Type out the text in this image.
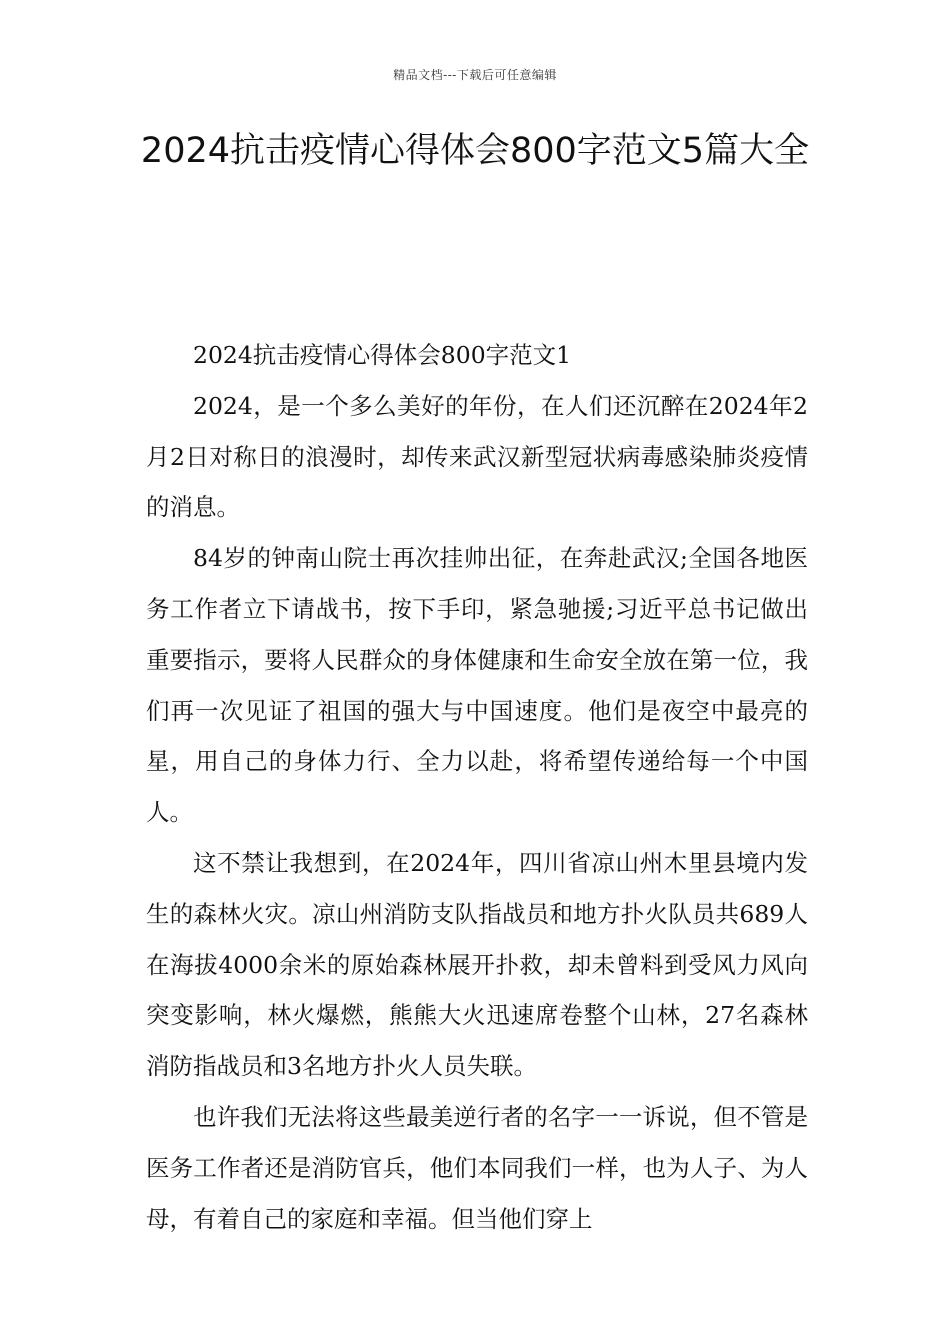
精品文档---下载后可任意编辑
2024抗击疫情心得体会800字范文5篇大全

2024抗击疫情心得体会800字范文1

2024，是一个多么美好的年份，在人们还沉醉在2024年2月2日对称日的浪漫时，却传来武汉新型冠状病毒感染肺炎疫情的消息。

84岁的钟南山院士再次挂帅出征，在奔赴武汉;全国各地医务工作者立下请战书，按下手印，紧急驰援;习近平总书记做出重要指示，要将人民群众的身体健康和生命安全放在第一位，我们再一次见证了祖国的强大与中国速度。他们是夜空中最亮的星，用自己的身体力行、全力以赴，将希望传递给每一个中国人。

这不禁让我想到，在2024年，四川省凉山州木里县境内发生的森林火灾。凉山州消防支队指战员和地方扑火队员共689人在海拔4000余米的原始森林展开扑救，却未曾料到受风力风向突变影响，林火爆燃，熊熊大火迅速席卷整个山林，27名森林消防指战员和3名地方扑火人员失联。

也许我们无法将这些最美逆行者的名字一一诉说，但不管是医务工作者还是消防官兵，他们本同我们一样，也为人子、为人母，有着自己的家庭和幸福。但当他们穿上
